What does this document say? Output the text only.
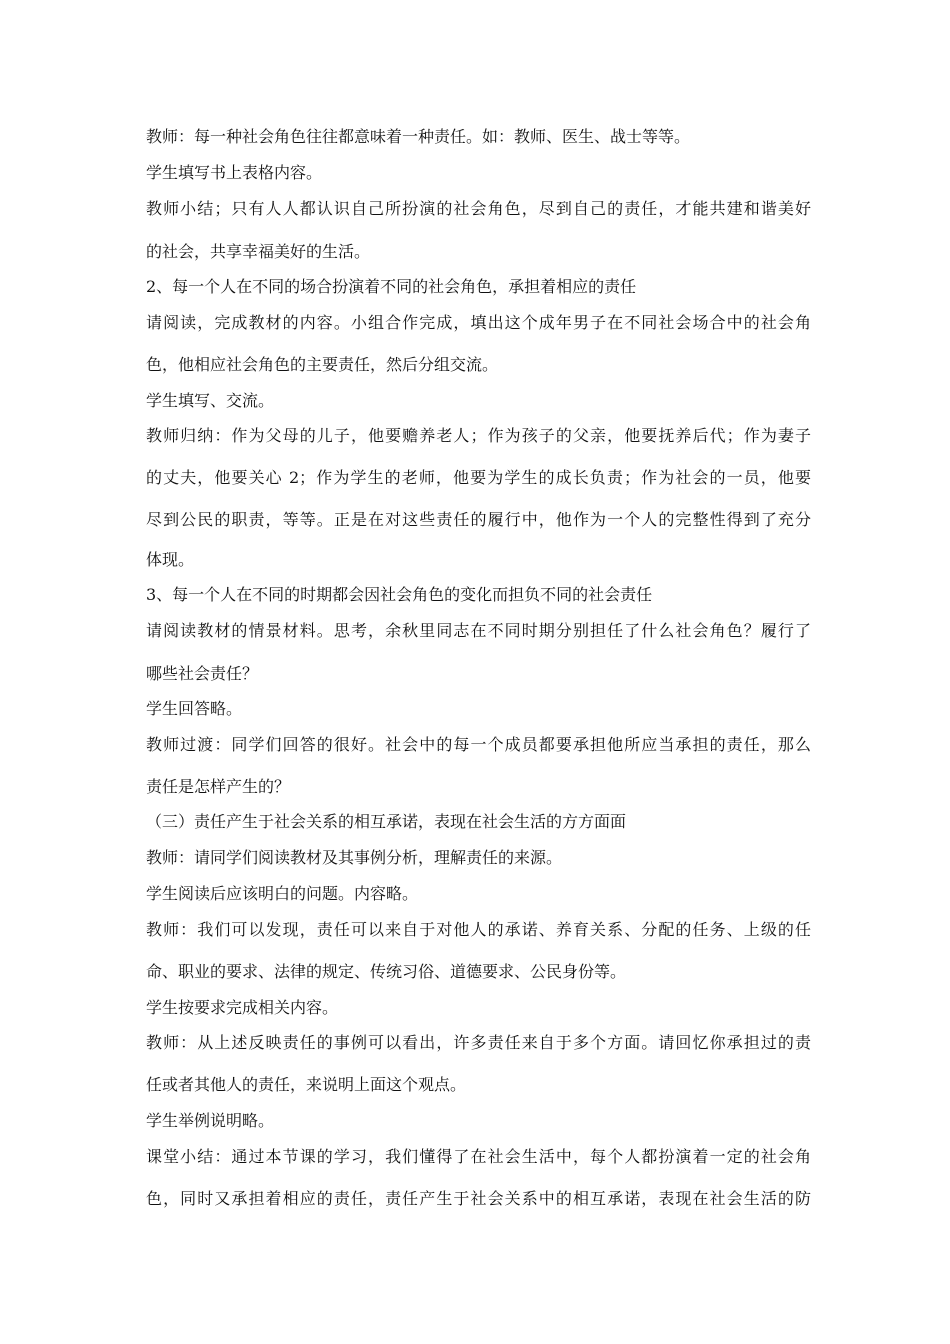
教师：每一种社会角色往往都意味着一种责任。如：教师、医生、战士等等。
学生填写书上表格内容。
教师小结；只有人人都认识自己所扮演的社会角色，尽到自己的责任，才能共建和谐美好
的社会，共享幸福美好的生活。
2、每一个人在不同的场合扮演着不同的社会角色，承担着相应的责任
请阅读，完成教材的内容。小组合作完成，填出这个成年男子在不同社会场合中的社会角
色，他相应社会角色的主要责任，然后分组交流。
学生填写、交流。
教师归纳：作为父母的儿子，他要赡养老人；作为孩子的父亲，他要抚养后代；作为妻子
的丈夫，他要关心 2；作为学生的老师，他要为学生的成长负责；作为社会的一员，他要
尽到公民的职责，等等。正是在对这些责任的履行中，他作为一个人的完整性得到了充分
体现。
3、每一个人在不同的时期都会因社会角色的变化而担负不同的社会责任
请阅读教材的情景材料。思考，余秋里同志在不同时期分别担任了什么社会角色？履行了
哪些社会责任？
学生回答略。
教师过渡：同学们回答的很好。社会中的每一个成员都要承担他所应当承担的责任，那么
责任是怎样产生的？
（三）责任产生于社会关系的相互承诺，表现在社会生活的方方面面
教师：请同学们阅读教材及其事例分析，理解责任的来源。
学生阅读后应该明白的问题。内容略。
教师：我们可以发现，责任可以来自于对他人的承诺、养育关系、分配的任务、上级的任
命、职业的要求、法律的规定、传统习俗、道德要求、公民身份等。
学生按要求完成相关内容。
教师：从上述反映责任的事例可以看出，许多责任来自于多个方面。请回忆你承担过的责
任或者其他人的责任，来说明上面这个观点。
学生举例说明略。
课堂小结：通过本节课的学习，我们懂得了在社会生活中，每个人都扮演着一定的社会角
色，同时又承担着相应的责任，责任产生于社会关系中的相互承诺，表现在社会生活的防
